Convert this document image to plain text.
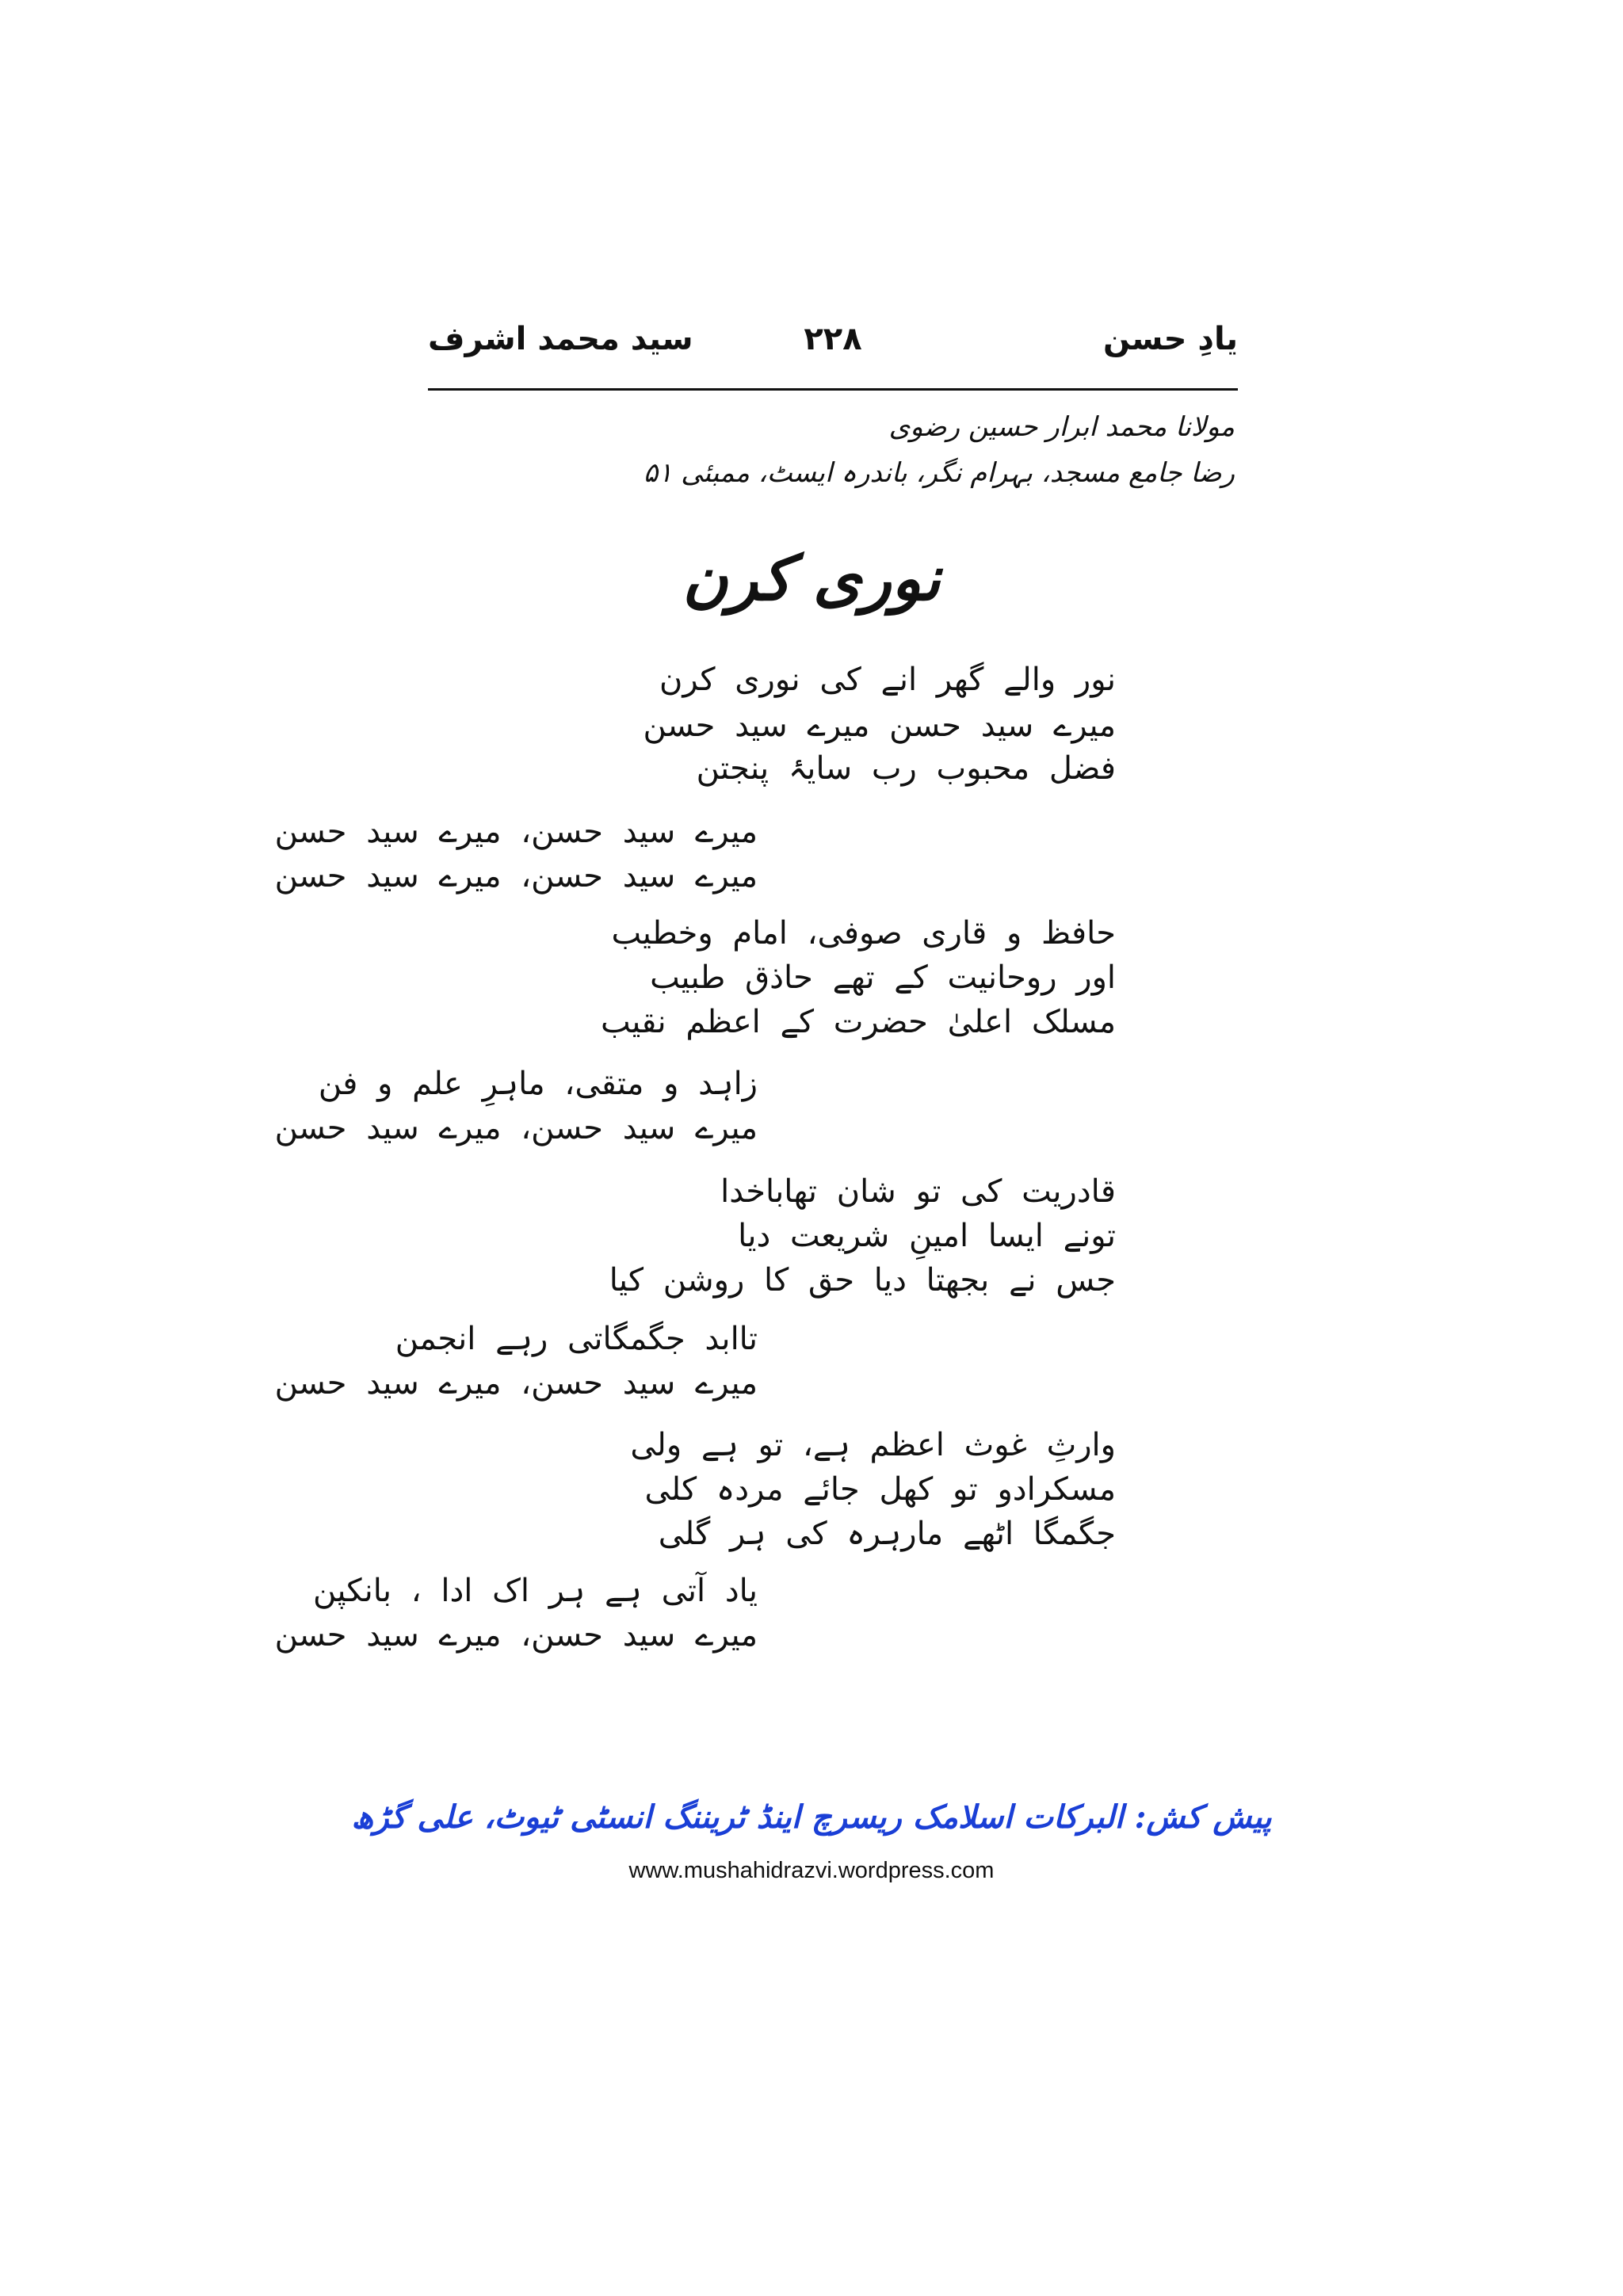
یادِ حسن
۲۲۸
سید محمد اشرف
مولانا محمد ابرار حسین رضوی
رضا جامع مسجد، بہرام نگر، باندرہ ایسٹ، ممبئی ۵۱
نوری کرن
نور والے گھر انے کی نوری کرن
میرے سید حسن میرے سید حسن
فضل محبوب رب سایۂ پنجتن
میرے سید حسن، میرے سید حسن
میرے سید حسن، میرے سید حسن
حافظ و قاری صوفی، امام وخطیب
اور روحانیت کے تھے حاذق طبیب
مسلک اعلیٰ حضرت کے اعظم نقیب
زاہد و متقی، ماہرِ علم و فن
میرے سید حسن، میرے سید حسن
قادریت کی تو شان تھاباخدا
تونے ایسا امینِ شریعت دیا
جس نے بجھتا دیا حق کا روشن کیا
تاابد جگمگاتی رہے انجمن
میرے سید حسن، میرے سید حسن
وارثِ غوث اعظم ہے، تو ہے ولی
مسکرادو تو کھل جائے مردہ کلی
جگمگا اٹھے مارہرہ کی ہر گلی
یاد آتی ہے ہر اک ادا ، بانکپن
میرے سید حسن، میرے سید حسن
پیش کش: البرکات اسلامک ریسرچ اینڈ ٹریننگ انسٹی ٹیوٹ، علی گڑھ
www.mushahidrazvi.wordpress.com
